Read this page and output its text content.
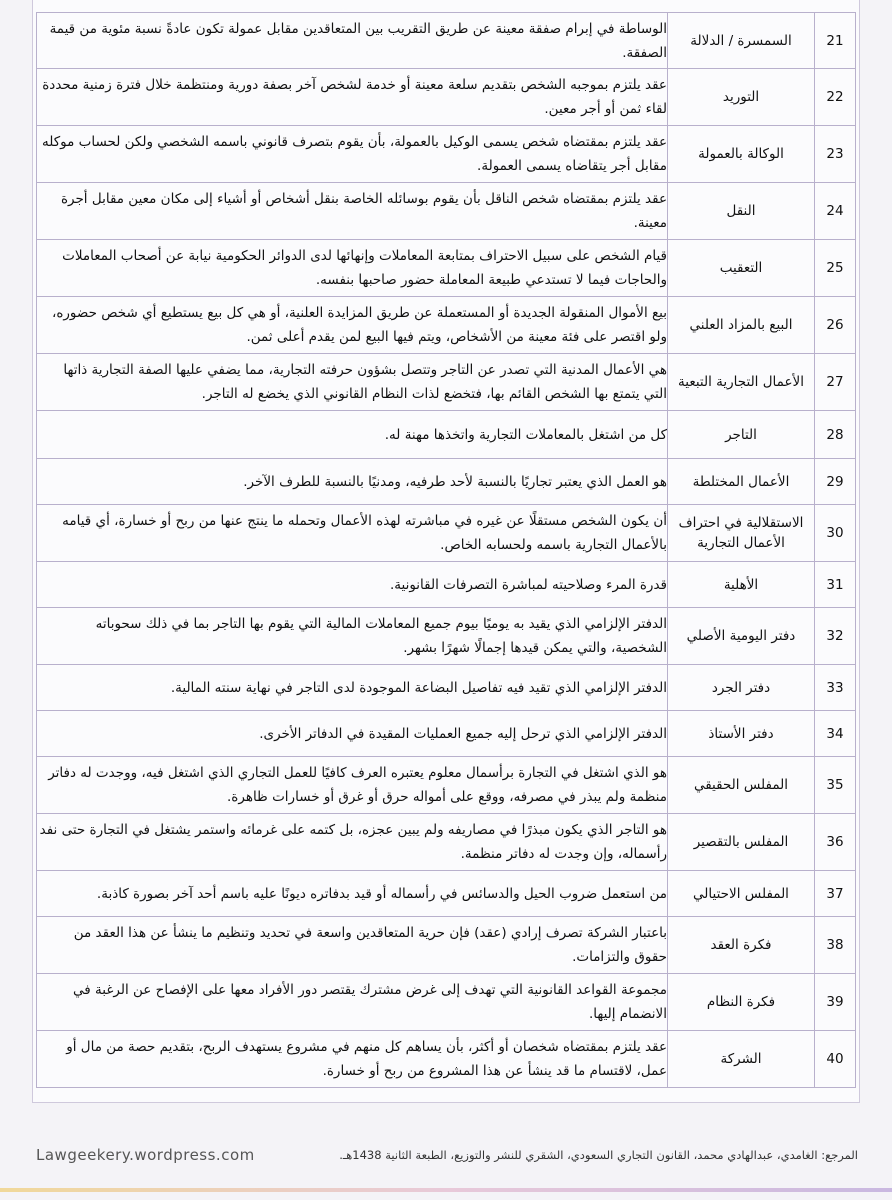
21	السمسرة / الدلالة	الوساطة في إبرام صفقة معينة عن طريق التقريب بين المتعاقدين مقابل عمولة تكون عادةً نسبة مئوية من قيمة الصفقة.
22	التوريد	عقد يلتزم بموجبه الشخص بتقديم سلعة معينة أو خدمة لشخص آخر بصفة دورية ومنتظمة خلال فترة زمنية محددة لقاء ثمن أو أجر معين.
23	الوكالة بالعمولة	عقد يلتزم بمقتضاه شخص يسمى الوكيل بالعمولة، بأن يقوم بتصرف قانوني باسمه الشخصي ولكن لحساب موكله مقابل أجر يتقاضاه يسمى العمولة.
24	النقل	عقد يلتزم بمقتضاه شخص الناقل بأن يقوم بوسائله الخاصة بنقل أشخاص أو أشياء إلى مكان معين مقابل أجرة معينة.
25	التعقيب	قيام الشخص على سبيل الاحتراف بمتابعة المعاملات وإنهائها لدى الدوائر الحكومية نيابة عن أصحاب المعاملات والحاجات فيما لا تستدعي طبيعة المعاملة حضور صاحبها بنفسه.
26	البيع بالمزاد العلني	بيع الأموال المنقولة الجديدة أو المستعملة عن طريق المزايدة العلنية، أو هي كل بيع يستطيع أي شخص حضوره، ولو اقتصر على فئة معينة من الأشخاص، ويتم فيها البيع لمن يقدم أعلى ثمن.
27	الأعمال التجارية التبعية	هي الأعمال المدنية التي تصدر عن التاجر وتتصل بشؤون حرفته التجارية، مما يضفي عليها الصفة التجارية ذاتها التي يتمتع بها الشخص القائم بها، فتخضع لذات النظام القانوني الذي يخضع له التاجر.
28	التاجر	كل من اشتغل بالمعاملات التجارية واتخذها مهنة له.
29	الأعمال المختلطة	هو العمل الذي يعتبر تجاريًا بالنسبة لأحد طرفيه، ومدنيًا بالنسبة للطرف الآخر.
30	الاستقلالية في احتراف الأعمال التجارية	أن يكون الشخص مستقلًا عن غيره في مباشرته لهذه الأعمال وتحمله ما ينتج عنها من ربح أو خسارة، أي قيامه بالأعمال التجارية باسمه ولحسابه الخاص.
31	الأهلية	قدرة المرء وصلاحيته لمباشرة التصرفات القانونية.
32	دفتر اليومية الأصلي	الدفتر الإلزامي الذي يقيد به يوميًا بيوم جميع المعاملات المالية التي يقوم بها التاجر بما في ذلك سحوباته الشخصية، والتي يمكن قيدها إجمالًا شهرًا بشهر.
33	دفتر الجرد	الدفتر الإلزامي الذي تقيد فيه تفاصيل البضاعة الموجودة لدى التاجر في نهاية سنته المالية.
34	دفتر الأستاذ	الدفتر الإلزامي الذي ترحل إليه جميع العمليات المقيدة في الدفاتر الأخرى.
35	المفلس الحقيقي	هو الذي اشتغل في التجارة برأسمال معلوم يعتبره العرف كافيًا للعمل التجاري الذي اشتغل فيه، ووجدت له دفاتر منظمة ولم يبذر في مصرفه، ووقع على أمواله حرق أو غرق أو خسارات ظاهرة.
36	المفلس بالتقصير	هو التاجر الذي يكون مبذرًا في مصاريفه ولم يبين عجزه، بل كتمه على غرمائه واستمر يشتغل في التجارة حتى نفد رأسماله، وإن وجدت له دفاتر منظمة.
37	المفلس الاحتيالي	من استعمل ضروب الحيل والدسائس في رأسماله أو قيد بدفاتره ديونًا عليه باسم أحد آخر بصورة كاذبة.
38	فكرة العقد	باعتبار الشركة تصرف إرادي (عقد) فإن حرية المتعاقدين واسعة في تحديد وتنظيم ما ينشأ عن هذا العقد من حقوق والتزامات.
39	فكرة النظام	مجموعة القواعد القانونية التي تهدف إلى غرض مشترك يقتصر دور الأفراد معها على الإفصاح عن الرغبة في الانضمام إليها.
40	الشركة	عقد يلتزم بمقتضاه شخصان أو أكثر، بأن يساهم كل منهم في مشروع يستهدف الربح، بتقديم حصة من مال أو عمل، لاقتسام ما قد ينشأ عن هذا المشروع من ربح أو خسارة.
المرجع: الغامدي، عبدالهادي محمد، القانون التجاري السعودي، الشقري للنشر والتوزيع، الطبعة الثانية 1438هـ.
Lawgeekery.wordpress.com
